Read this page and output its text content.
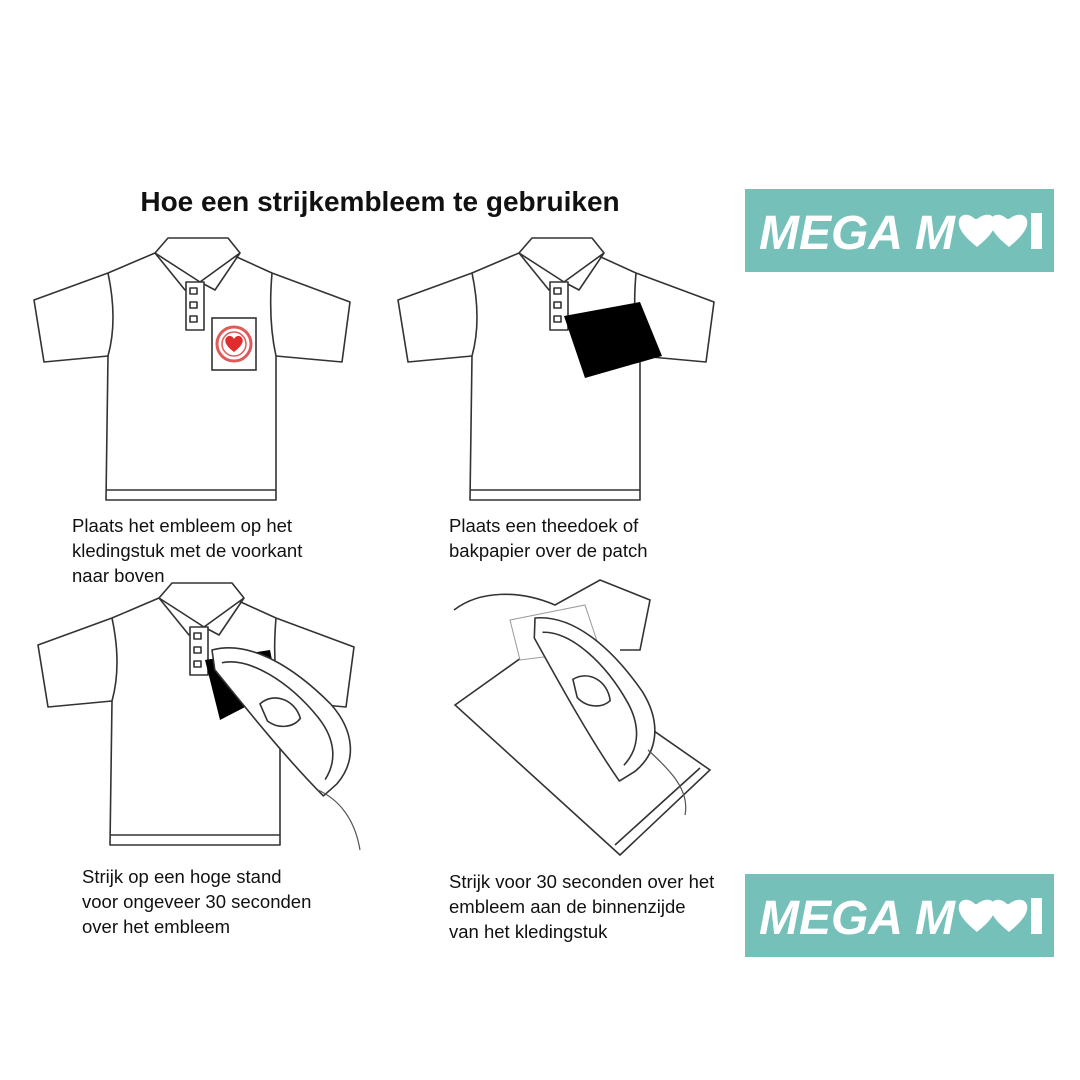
Hoe een strijkembleem te gebruiken
Plaats het embleem op het
kledingstuk met de voorkant
naar boven
Plaats een theedoek of
bakpapier over de patch
Strijk op een hoge stand
voor ongeveer 30 seconden
over het embleem
Strijk voor 30 seconden over het
embleem aan de binnenzijde
van het kledingstuk
MEGA M
MEGA M
